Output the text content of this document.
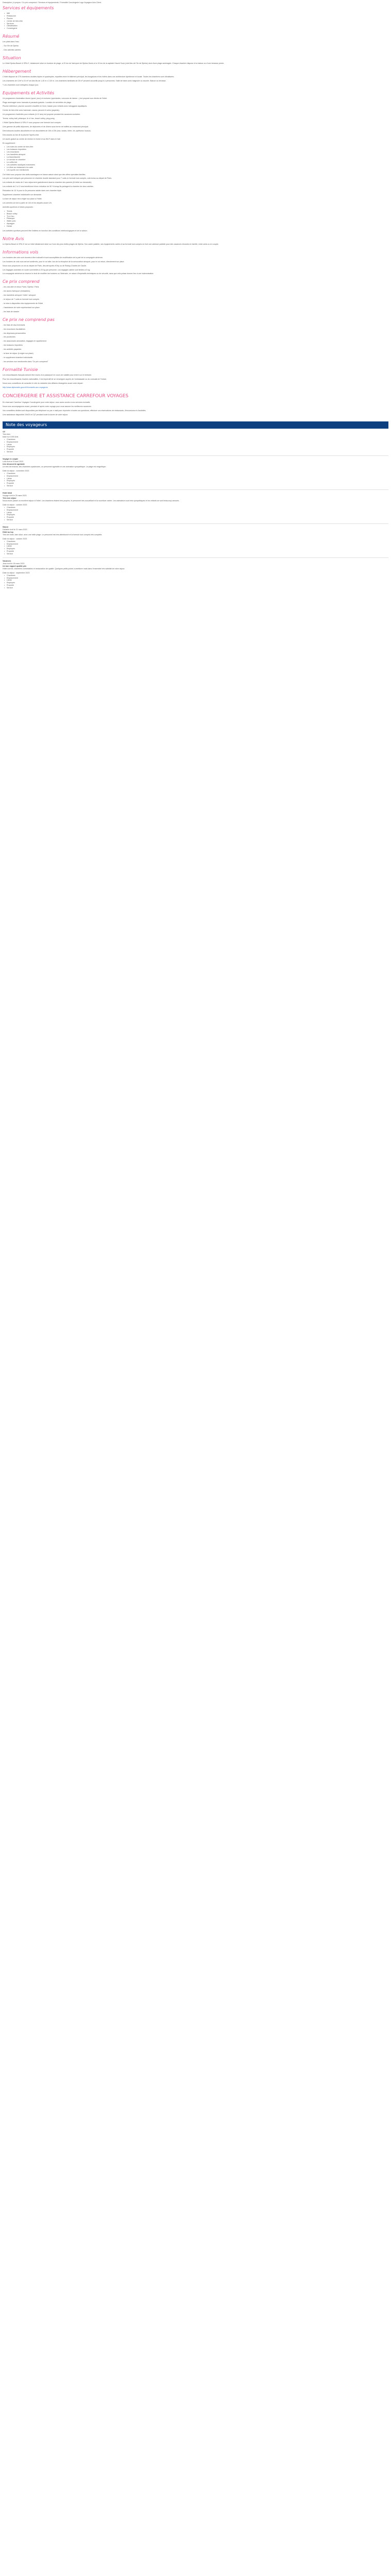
Description | A propos / Ce prix comprend / Services et équipements / Formalité Conciergerie Logo Voyageur Avis Client

Services et équipements
• Wifi
• Restaurant
• Piscine
• Centre de bien-être
• Services
• Climatisation
• Conciergerie
Résumé

Les plats dans l'eau

- Sur l'île de Djerba

- Des activités variées

Situation

Le Hôtel Djerba Beach & SPA 4*, idéalement situé en bordure de plage, à 20 km de l'aéroport de Djerba Zarzis et à 15 km de la capitale Houmt Souk (chef-lieu de l'île de Djerba) dont d'une plage aménagée. Chaque chambre dispose d'un balcon ou d'une terrasse privée.

Hébergement

L'hôtel dispose de 275 chambres doubles triples et quadruples, réparties entre le bâtiment principal, les bungalows et les hôtels dans une architecture djerbienne et locale. Toutes les chambres sont climatisées.

Les chambres de 12m² à 24 m² ont des lits de 1,40 m x 2,00 m. Les chambres familiales de 28 m² peuvent accueillir jusqu'à 4 personnes. Salle de bains avec baignoire ou douche. Balcon ou terrasse.

* Les chambres sont nettoyées chaque jour.

Equipements et Activités

Un programme d'animation diurne (sport, jeux) et nocturne (spectacles, concours de danse...) est proposé aux clients de l'hôtel.

Plage aménagée avec transats et parasols gratuits. Location de serviettes de plage.

Piscine extérieure, piscine couverte chauffée en hiver, bassin pour enfants avec toboggans aquatiques.

Centre de bien-être avec hammam, sauna, jacuzzi et soins (payants).

Un programme d'activités pour enfants (4-12 ans) est proposé pendant les vacances scolaires.

Tennis, volley-ball, pétanque, tir à l'arc, beach volley, ping-pong.

L'Hôtel Djerba Beach & SPA 4* vous propose une formule tout compris :

Une gamme de petits déjeuners, de déjeuners et de dîners sous forme de buffets au restaurant principal.

Des boissons locales alcoolisées et non alcoolisées de 10h à 23h (eau, sodas, bière, vin, spiritueux locaux).

Des snacks au bar de la piscine l'après-midi.

Un accès gratuit au centre de remise en forme et au Wi-Fi dans le hall.

En supplément :

• Les soins du centre de bien-être
• Les boissons importées
• Les excursions
• Les transferts aéroport
• La blanchisserie
• Le service en chambre
• Le coffre-fort
• Les activités nautiques motorisées
• Le dîner au restaurant à la carte
• Les sports non mentionnés

Cet hôtel vous propose des tarifs avantageux en basse saison ainsi que des offres spéciales familles.

Les prix sont indiqués par personne en chambre double standard pour 7 nuits en formule tout compris, vols inclus au départ de Paris.

Les enfants de moins de 2 ans séjournent gratuitement dans la chambre des parents (lit bébé sur demande).

Les enfants de 2 à 12 ans bénéficient d'une réduction de 50 % lorsqu'ils partagent la chambre de deux adultes.

Réduction de 10 % pour la 3e personne adulte dans une chambre triple.

Supplément chambre individuelle sur demande.

La taxe de séjour est à régler sur place à l'hôtel.

Les arrivées se font à partir de 14h et les départs avant 12h.

Activités sportives et loisirs proposés :

• Tennis
• Beach volley
• Tir à l'arc
• Pétanque
• Water-polo
• Aquagym
• Danse

Les activités sportives peuvent être limitées en fonction des conditions météorologiques et de la saison.

Notre Avis

Le Djerba Beach & SPA 4* est un hôtel idéalement situé sur l'une des plus belles plages de Djerba. Son cadre paisible, ses équipements variés et sa formule tout compris en font une adresse parfaite pour des vacances réussies en famille, entre amis ou en couple.

Informations vols

Les horaires des vols sont donnés à titre indicatif et sont susceptibles de modification de la part de la compagnie aérienne.

Les horaires de vols vous seront confirmés, pour le vol aller, lors de la réception de la convocation aéroport, pour le vol retour, directement sur place.

Nous vous proposons un vol au départ de Paris, des aéroports d'Orly ou de Roissy-Charles de Gaulle.

Les bagages autorisés en soute sont limités à 20 kg par personne. Les bagages cabine sont limités à 5 kg.

La compagnie aérienne se réserve le droit de modifier les horaires ou l'itinéraire, en raison d'impératifs techniques ou de sécurité, sans que cela puisse donner lieu à une indemnisation.

Ce prix comprend

- les vols aller et retour Paris / Djerba / Paris

- les taxes d'aéroport (révisables)

- les transferts aéroport / hôtel / aéroport

- le séjour de 7 nuits en formule tout compris

- la mise à disposition des équipements de l'hôtel

- l'assistance de notre représentant sur place

- les frais de dossier

Ce prix ne comprend pas

- les frais de visa éventuels

- les excursions facultatives

- les dépenses personnelles

- les pourboires

- les assurances annulation, bagages et rapatriement

- les boissons importées

- les activités payantes

- la taxe de séjour (à régler sur place)

- le supplément chambre individuelle

- les services non mentionnés dans "Ce prix comprend"

Formalité Tunisie

Les ressortissants français doivent être munis d'un passeport en cours de validité pour entrer sur le territoire.

Pour les ressortissants d'autres nationalités, il est impératif de se renseigner auprès de l'ambassade ou du consulat de Tunisie.

Nous vous conseillons de consulter le site du ministère des Affaires étrangères avant votre départ :

http://www.diplomatie.gouv.fr/fr/conseils-aux-voyageurs

CONCIERGERIE ET ASSISTANCE CARREFOUR VOYAGES

En réservant Carrefour Voyages Conciergerie pour votre séjour, vous aurez accès à nos services exclusifs.

Nous vous accompagnons avant, pendant et après votre voyage pour vous assurer les meilleures vacances.

Vos conseillers dédiés sont disponibles par téléphone ou par e-mail pour répondre à toutes vos questions, effectuer vos réservations de restaurants, d'excursions et d'activités.

Une assistance disponible 24h/24 et 7j/7 pendant toute la durée de votre séjour.

Note des voyageurs
4,6
Très bien
basé sur 1000 Avis
• Chambres
• Emplacement
• Literie
• Employés
• Propreté
• Service
Voyagé en couple
Lola écrit le 03 avril 2023
Une découverte agréable

Un très bel endroit, des chambres spacieuses, un personnel agréable et une animation sympathique. La plage est magnifique.

Date du séjour : novembre 2023
• Chambres
• Emplacement
• Literie
• Employés
• Propreté
• Service
Hotel ideal
Voyage écrit le 25 mars 2023
Très bon séjour

Nous avons passé un excellent séjour à l'hôtel. Les chambres étaient très propres, le personnel très accueillant et la nourriture variée. Les animateurs sont très sympathiques et les enfants se sont beaucoup amusés.

Date du séjour : octobre 2023
• Chambres
• Emplacement
• Literie
• Employés
• Propreté
• Service
Séjour
Danielle écrit le 21 mars 2023
Hôtel au top

Très bel hôtel, bien situé, avec une belle plage. Le personnel est très attentionné et la formule tout compris très complète.

Date du séjour : octobre 2023
• Chambres
• Emplacement
• Literie
• Employés
• Propreté
• Service
Vacances
Jean écrit le 18 mars 2023
Un bon rapport qualité prix

Hôtel correct, chambres confortables et restauration de qualité. Quelques petits points à améliorer mais dans l'ensemble très satisfait de notre séjour.

Date du séjour : septembre 2023
• Chambres
• Emplacement
• Literie
• Employés
• Propreté
• Service
